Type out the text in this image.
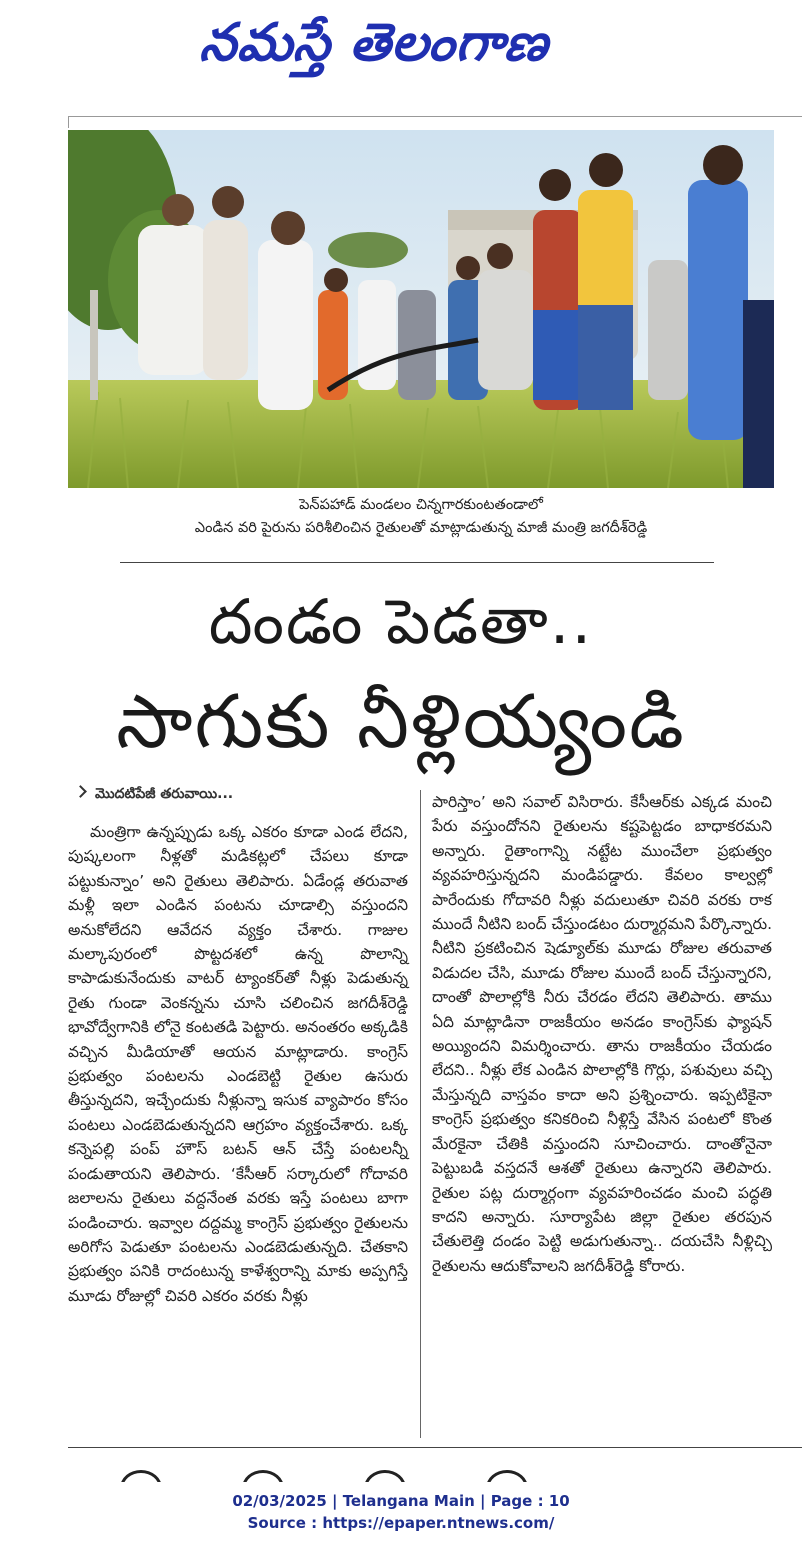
నమస్తే తెలంగాణ
పెన్‌పహాడ్ మండలం చిన్నగారకుంటతండాలో
ఎండిన వరి పైరును పరిశీలించిన రైతులతో మాట్లాడుతున్న మాజీ మంత్రి జగదీశ్‌రెడ్డి
దండం పెడతా..
సాగుకు నీళ్లియ్యండి
మొదటిపేజీ తరువాయి...
మంత్రిగా ఉన్నప్పుడు ఒక్క ఎకరం కూడా ఎండ లేదని, పుష్కలంగా నీళ్లతో మడికట్లలో చేపలు కూడా పట్టుకున్నాం’ అని రైతులు తెలిపారు. ఏడేండ్ల తరువాత మళ్లీ ఇలా ఎండిన పంటను చూడాల్సి వస్తుందని అనుకోలేదని ఆవేదన వ్యక్తం చేశారు. గాజుల మల్కాపురంలో పొట్టదశలో ఉన్న పొలాన్ని కాపాడుకునేందుకు వాటర్ ట్యాంకర్‌తో నీళ్లు పెడుతున్న రైతు గుండా వెంకన్నను చూసి చలించిన జగదీశ్‌రెడ్డి భావోద్వేగానికి లోనై కంటతడి పెట్టారు. అనంతరం అక్కడికి వచ్చిన మీడియాతో ఆయన మాట్లాడారు. కాంగ్రెస్ ప్రభుత్వం పంటలను ఎండబెట్టి రైతుల ఉసురు తీస్తున్నదని, ఇచ్చేందుకు నీళ్లున్నా ఇసుక వ్యాపారం కోసం పంటలు ఎండబెడుతున్నదని ఆగ్రహం వ్యక్తంచేశారు. ఒక్క కన్నెపల్లి పంప్ హౌస్ బటన్ ఆన్ చేస్తే పంటలన్నీ పండుతాయని తెలిపారు. ‘కేసీఆర్ సర్కారులో గోదావరి జలాలను రైతులు వద్దనేంత వరకు ఇస్తే పంటలు బాగా పండించారు. ఇవ్వాల దద్దమ్మ కాంగ్రెస్ ప్రభుత్వం రైతులను అరిగోస పెడుతూ పంటలను ఎండబెడుతున్నది. చేతకాని ప్రభుత్వం పనికి రాదంటున్న కాళేశ్వరాన్ని మాకు అప్పగిస్తే మూడు రోజుల్లో చివరి ఎకరం వరకు నీళ్లు
పారిస్తాం’ అని సవాల్ విసిరారు. కేసీఆర్‌కు ఎక్కడ మంచి పేరు వస్తుందోనని రైతులను కష్టపెట్టడం బాధాకరమని అన్నారు. రైతాంగాన్ని నట్టేట ముంచేలా ప్రభుత్వం వ్యవహరిస్తున్నదని మండిపడ్డారు. కేవలం కాల్వల్లో పారేందుకు గోదావరి నీళ్లు వదులుతూ చివరి వరకు రాక ముందే నీటిని బంద్ చేస్తుండటం దుర్మార్గమని పేర్కొన్నారు. నీటిని ప్రకటించిన షెడ్యూల్‌కు మూడు రోజుల తరువాత విడుదల చేసి, మూడు రోజుల ముందే బంద్ చేస్తున్నారని, దాంతో పొలాల్లోకి నీరు చేరడం లేదని తెలిపారు. తాము ఏది మాట్లాడినా రాజకీయం అనడం కాంగ్రెస్‌కు ఫ్యాషన్ అయ్యిందని విమర్శించారు. తాను రాజకీయం చేయడం లేదని.. నీళ్లు లేక ఎండిన పొలాల్లోకి గొర్లు, పశువులు వచ్చి మేస్తున్నది వాస్తవం కాదా అని ప్రశ్నించారు. ఇప్పటికైనా కాంగ్రెస్ ప్రభుత్వం కనికరించి నీళ్లిస్తే వేసిన పంటలో కొంత మేరకైనా చేతికి వస్తుందని సూచించారు. దాంతోనైనా పెట్టుబడి వస్తదనే ఆశతో రైతులు ఉన్నారని తెలిపారు. రైతుల పట్ల దుర్మార్గంగా వ్యవహరించడం మంచి పద్ధతి కాదని అన్నారు. సూర్యాపేట జిల్లా రైతుల తరపున చేతులెత్తి దండం పెట్టి అడుగుతున్నా.. దయచేసి నీళ్లిచ్చి రైతులను ఆదుకోవాలని జగదీశ్‌రెడ్డి కోరారు.
02/03/2025 | Telangana Main | Page : 10
Source : https://epaper.ntnews.com/
